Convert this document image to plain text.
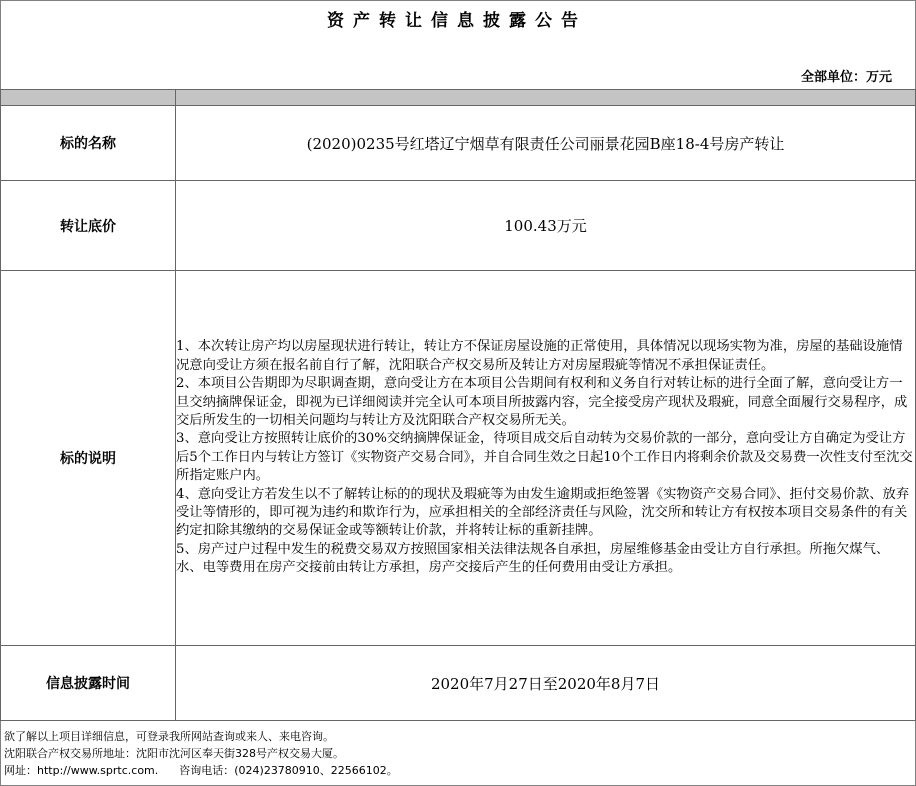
资产转让信息披露公告
全部单位：万元

标的名称	(2020)0235号红塔辽宁烟草有限责任公司丽景花园B座18-4号房产转让
转让底价	100.43万元
标的说明	1、本次转让房产均以房屋现状进行转让，转让方不保证房屋设施的正常使用，具体情况以现场实物为准，房屋的基础设施情况意向受让方须在报名前自行了解，沈阳联合产权交易所及转让方对房屋瑕疵等情况不承担保证责任。

2、本项目公告期即为尽职调查期，意向受让方在本项目公告期间有权利和义务自行对转让标的进行全面了解，意向受让方一旦交纳摘牌保证金，即视为已详细阅读并完全认可本项目所披露内容，完全接受房产现状及瑕疵，同意全面履行交易程序，成交后所发生的一切相关问题均与转让方及沈阳联合产权交易所无关。

3、意向受让方按照转让底价的30%交纳摘牌保证金，待项目成交后自动转为交易价款的一部分，意向受让方自确定为受让方后5个工作日内与转让方签订《实物资产交易合同》，并自合同生效之日起10个工作日内将剩余价款及交易费一次性支付至沈交所指定账户内。

4、意向受让方若发生以不了解转让标的的现状及瑕疵等为由发生逾期或拒绝签署《实物资产交易合同》、拒付交易价款、放弃受让等情形的，即可视为违约和欺诈行为，应承担相关的全部经济责任与风险，沈交所和转让方有权按本项目交易条件的有关约定扣除其缴纳的交易保证金或等额转让价款，并将转让标的重新挂牌。

5、房产过户过程中发生的税费交易双方按照国家相关法律法规各自承担，房屋维修基金由受让方自行承担。所拖欠煤气、水、电等费用在房产交接前由转让方承担，房产交接后产生的任何费用由受让方承担。

信息披露时间	2020年7月27日至2020年8月7日
欲了解以上项目详细信息，可登录我所网站查询或来人、来电咨询。
沈阳联合产权交易所地址：沈阳市沈河区奉天街328号产权交易大厦。
网址：http://www.sprtc.com.      咨询电话：(024)23780910、22566102。
